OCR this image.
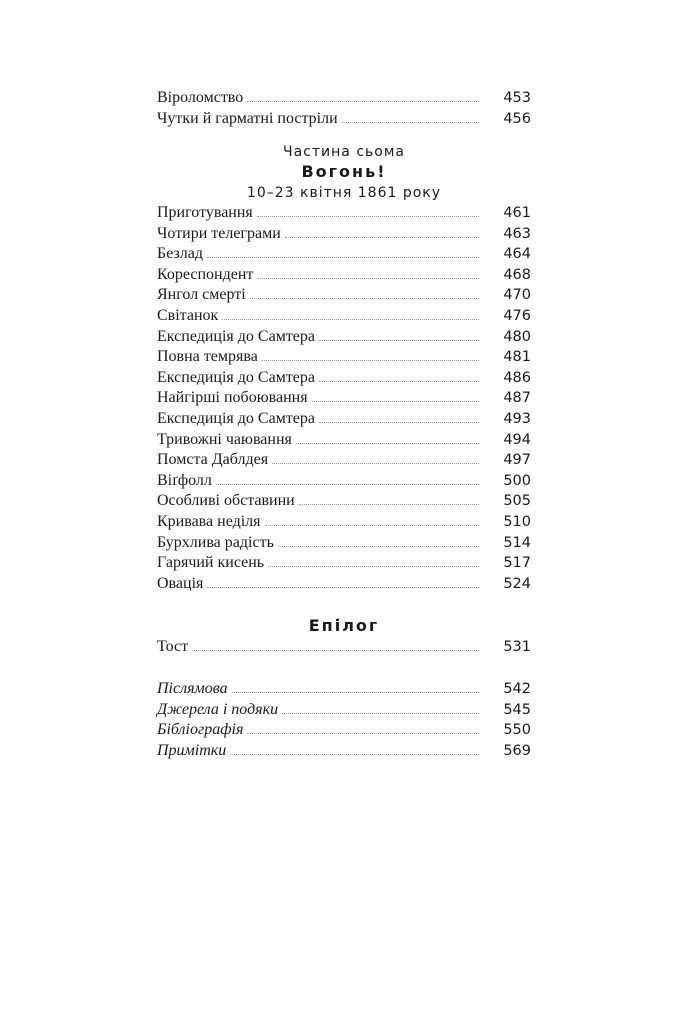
Віроломство	453
Чутки й гарматні постріли	456
Частина сьома
Вогонь!
10–23 квітня 1861 року
Приготування	461
Чотири телеграми	463
Безлад	464
Кореспондент	468
Янгол смерті	470
Світанок	476
Експедиція до Самтера	480
Повна темрява	481
Експедиція до Самтера	486
Найгірші побоювання	487
Експедиція до Самтера	493
Тривожні чаювання	494
Помста Даблдея	497
Віґфолл	500
Особливі обставини	505
Кривава неділя	510
Бурхлива радість	514
Гарячий кисень	517
Овація	524
Епілог
Тост	531
Післямова	542
Джерела і подяки	545
Бібліографія	550
Примітки	569
